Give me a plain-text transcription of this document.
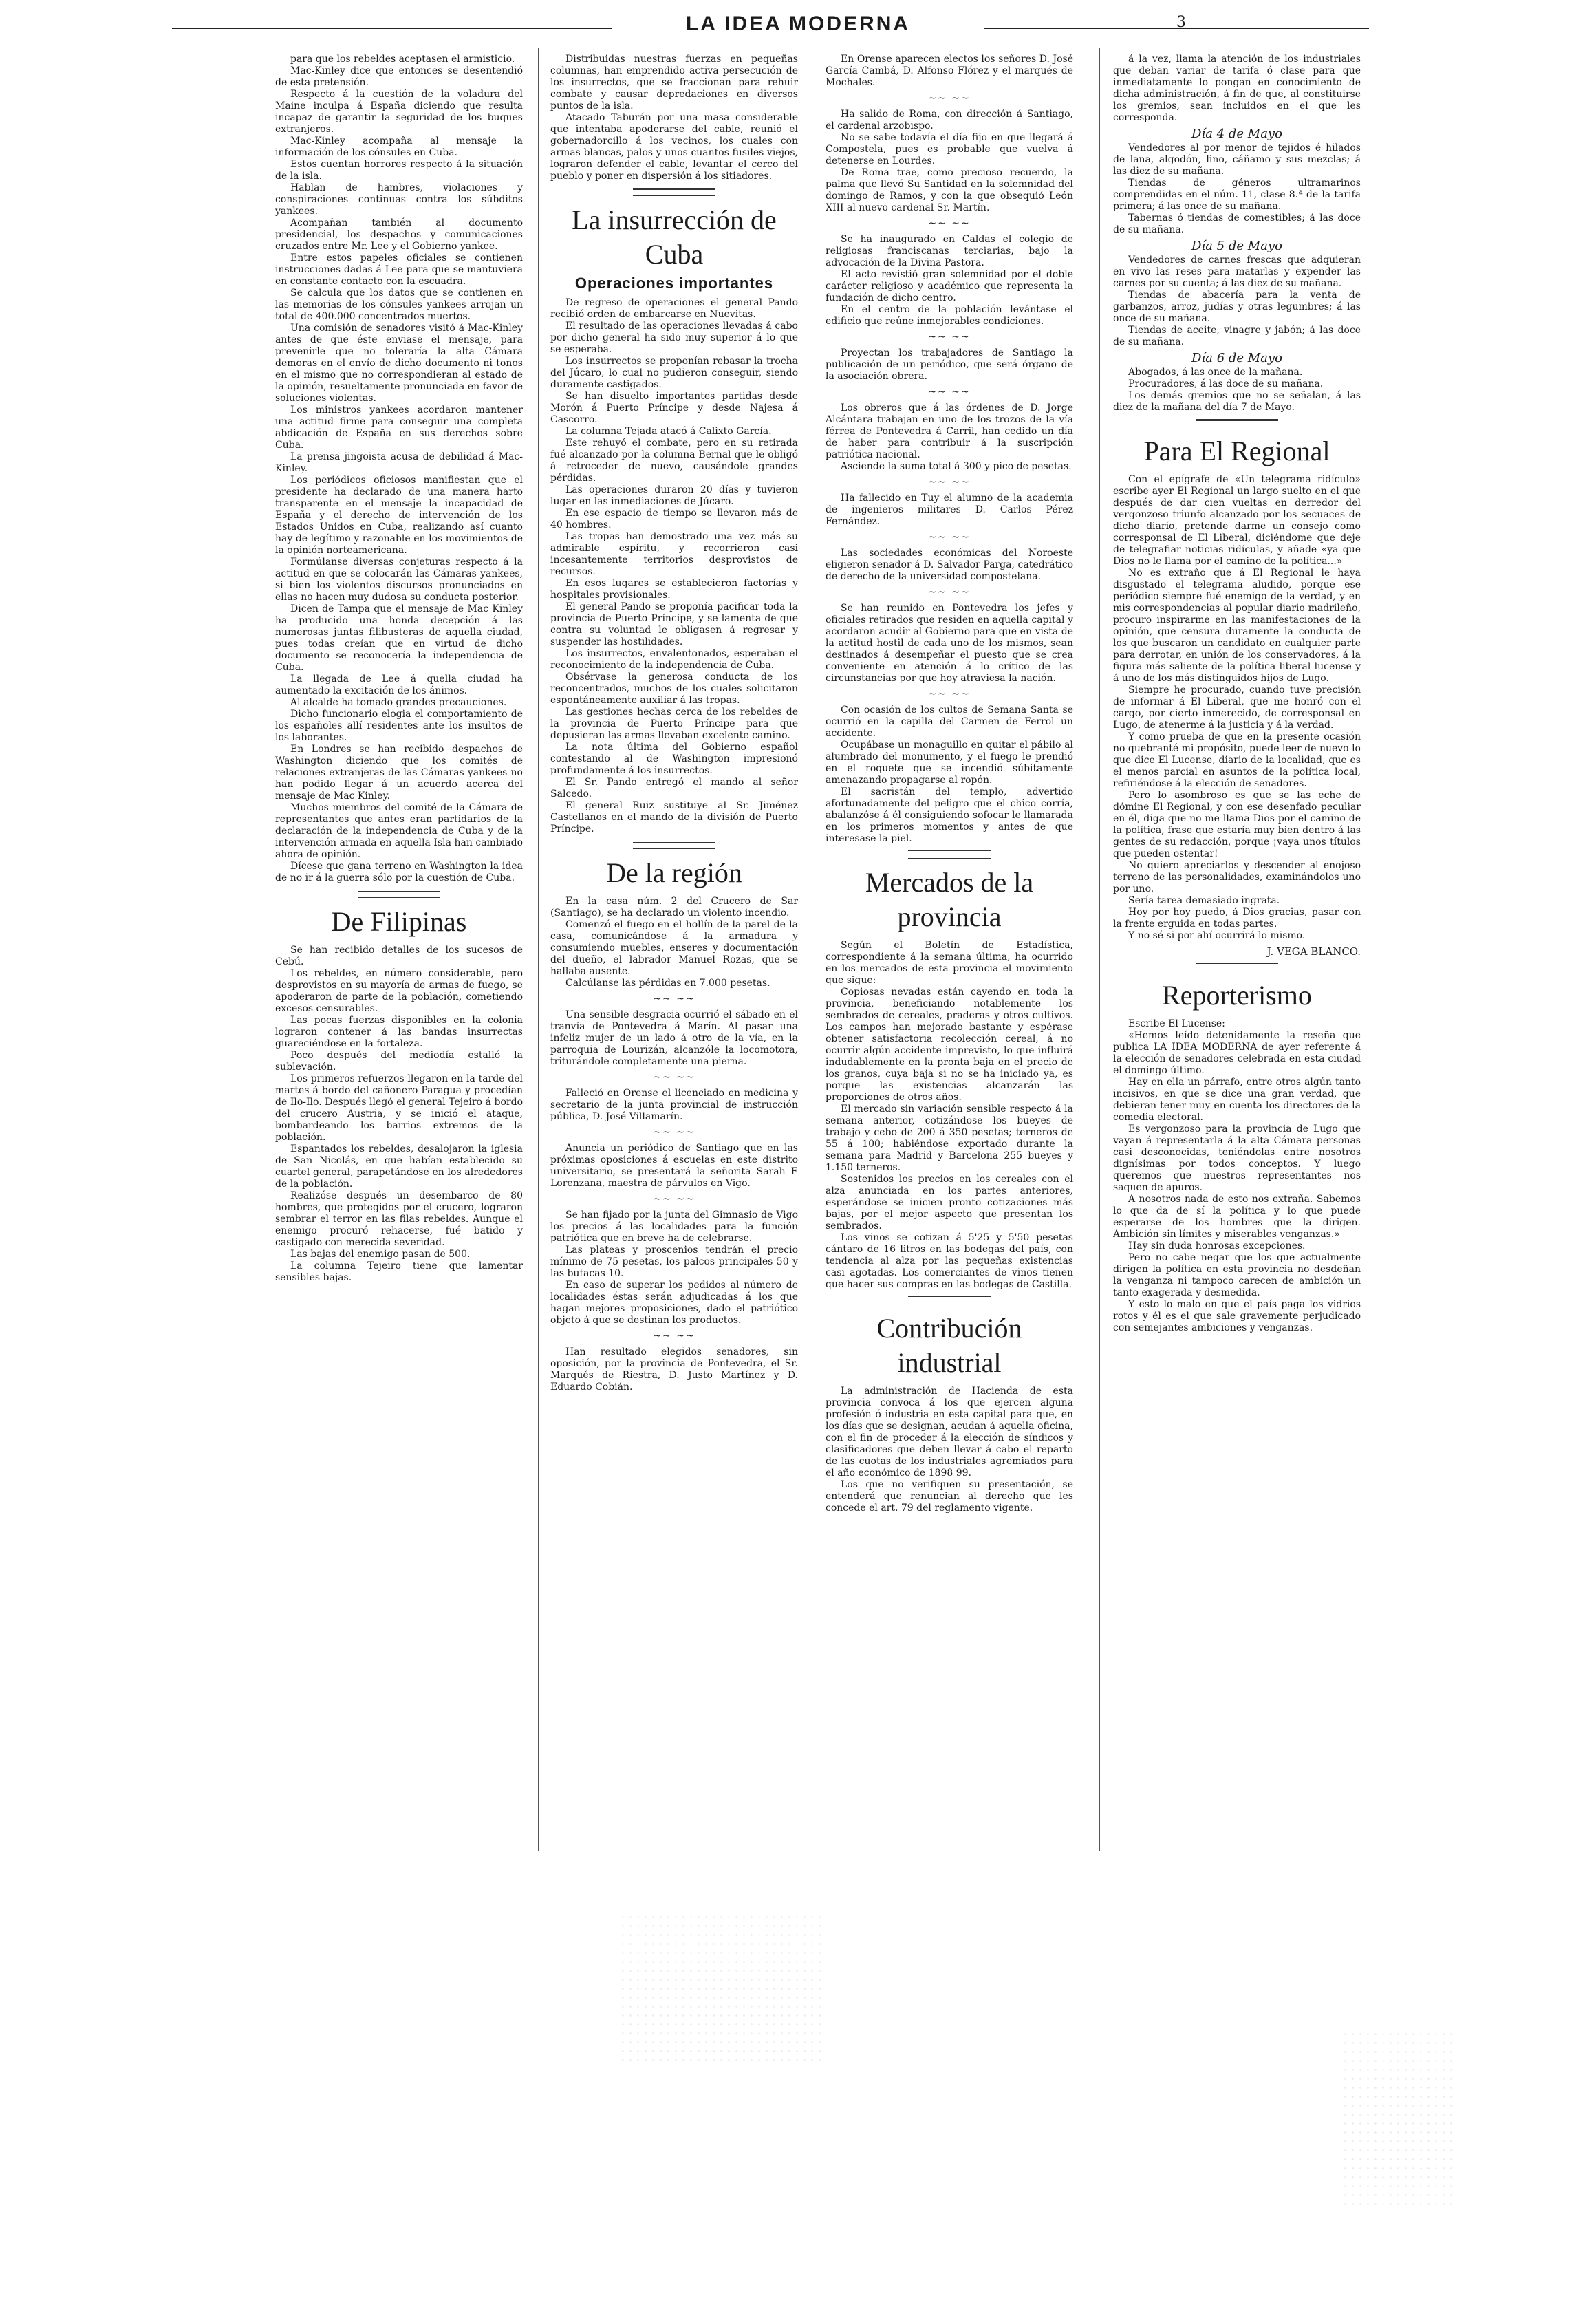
LA IDEA MODERNA	3

para que los rebeldes aceptasen el armisticio.

Mac-Kinley dice que entonces se desentendió de esta pretensión.

Respecto á la cuestión de la voladura del Maine inculpa á España diciendo que resulta incapaz de garantir la seguridad de los buques extranjeros.

Mac-Kinley acompaña al mensaje la información de los cónsules en Cuba.

Estos cuentan horrores respecto á la situación de la isla.

Hablan de hambres, violaciones y conspiraciones continuas contra los súbditos yankees.

Acompañan también al documento presidencial, los despachos y comunicaciones cruzados entre Mr. Lee y el Gobierno yankee.

Entre estos papeles oficiales se contienen instrucciones dadas á Lee para que se mantuviera en constante contacto con la escuadra.

Se calcula que los datos que se contienen en las memorias de los cónsules yankees arrojan un total de 400.000 concentrados muertos.

Una comisión de senadores visitó á Mac-Kinley antes de que éste enviase el mensaje, para prevenirle que no toleraría la alta Cámara demoras en el envío de dicho documento ni tonos en el mismo que no correspondieran al estado de la opinión, resueltamente pronunciada en favor de soluciones violentas.

Los ministros yankees acordaron mantener una actitud firme para conseguir una completa abdicación de España en sus derechos sobre Cuba.

La prensa jingoista acusa de debilidad á Mac-Kinley.

Los periódicos oficiosos manifiestan que el presidente ha declarado de una manera harto transparente en el mensaje la incapacidad de España y el derecho de intervención de los Estados Unidos en Cuba, realizando así cuanto hay de legítimo y razonable en los movimientos de la opinión norteamericana.

Formúlanse diversas conjeturas respecto á la actitud en que se colocarán las Cámaras yankees, si bien los violentos discursos pronunciados en ellas no hacen muy dudosa su conducta posterior.

Dicen de Tampa que el mensaje de Mac Kinley ha producido una honda decepción á las numerosas juntas filibusteras de aquella ciudad, pues todas creían que en virtud de dicho documento se reconocería la independencia de Cuba.

La llegada de Lee á quella ciudad ha aumentado la excitación de los ánimos.

Al alcalde ha tomado grandes precauciones.

Dicho funcionario elogia el comportamiento de los españoles allí residentes ante los insultos de los laborantes.

En Londres se han recibido despachos de Washington diciendo que los comités de relaciones extranjeras de las Cámaras yankees no han podido llegar á un acuerdo acerca del mensaje de Mac Kinley.

Muchos miembros del comité de la Cámara de representantes que antes eran partidarios de la declaración de la independencia de Cuba y de la intervención armada en aquella Isla han cambiado ahora de opinión.

Dícese que gana terreno en Washington la idea de no ir á la guerra sólo por la cuestión de Cuba.

De Filipinas

Se han recibido detalles de los sucesos de Cebú.

Los rebeldes, en número considerable, pero desprovistos en su mayoría de armas de fuego, se apoderaron de parte de la población, cometiendo excesos censurables.

Las pocas fuerzas disponibles en la colonia lograron contener á las bandas insurrectas guareciéndose en la fortaleza.

Poco después del mediodía estalló la sublevación.

Los primeros refuerzos llegaron en la tarde del martes á bordo del cañonero Paragua y procedían de Ilo-Ilo. Después llegó el general Tejeiro á bordo del crucero Austria, y se inició el ataque, bombardeando los barrios extremos de la población.

Espantados los rebeldes, desalojaron la iglesia de San Nicolás, en que habían establecido su cuartel general, parapetándose en los alrededores de la población.

Realizóse después un desembarco de 80 hombres, que protegidos por el crucero, lograron sembrar el terror en las filas rebeldes. Aunque el enemigo procuró rehacerse, fué batido y castigado con merecida severidad.

Las bajas del enemigo pasan de 500.

La columna Tejeiro tiene que lamentar sensibles bajas.

Distribuidas nuestras fuerzas en pequeñas columnas, han emprendido activa persecución de los insurrectos, que se fraccionan para rehuir combate y causar depredaciones en diversos puntos de la isla.

Atacado Taburán por una masa considerable que intentaba apoderarse del cable, reunió el gobernadorcillo á los vecinos, los cuales con armas blancas, palos y unos cuantos fusiles viejos, lograron defender el cable, levantar el cerco del pueblo y poner en dispersión á los sitiadores.

La insurrección de Cuba
Operaciones importantes

De regreso de operaciones el general Pando recibió orden de embarcarse en Nuevitas.

El resultado de las operaciones llevadas á cabo por dicho general ha sido muy superior á lo que se esperaba.

Los insurrectos se proponían rebasar la trocha del Júcaro, lo cual no pudieron conseguir, siendo duramente castigados.

Se han disuelto importantes partidas desde Morón á Puerto Príncipe y desde Najesa á Cascorro.

La columna Tejada atacó á Calixto García.

Este rehuyó el combate, pero en su retirada fué alcanzado por la columna Bernal que le obligó á retroceder de nuevo, causándole grandes pérdidas.

Las operaciones duraron 20 días y tuvieron lugar en las inmediaciones de Júcaro.

En ese espacio de tiempo se llevaron más de 40 hombres.

Las tropas han demostrado una vez más su admirable espíritu, y recorrieron casi incesantemente territorios desprovistos de recursos.

En esos lugares se establecieron factorías y hospitales provisionales.

El general Pando se proponía pacificar toda la provincia de Puerto Príncipe, y se lamenta de que contra su voluntad le obligasen á regresar y suspender las hostilidades.

Los insurrectos, envalentonados, esperaban el reconocimiento de la independencia de Cuba.

Obsérvase la generosa conducta de los reconcentrados, muchos de los cuales solicitaron espontáneamente auxiliar á las tropas.

Las gestiones hechas cerca de los rebeldes de la provincia de Puerto Príncipe para que depusieran las armas llevaban excelente camino.

La nota última del Gobierno español contestando al de Washington impresionó profundamente á los insurrectos.

El Sr. Pando entregó el mando al señor Salcedo.

El general Ruiz sustituye al Sr. Jiménez Castellanos en el mando de la división de Puerto Príncipe.

De la región

En la casa núm. 2 del Crucero de Sar (Santiago), se ha declarado un violento incendio.

Comenzó el fuego en el hollín de la parel de la casa, comunicándose á la armadura y consumiendo muebles, enseres y documentación del dueño, el labrador Manuel Rozas, que se hallaba ausente.

Calcúlanse las pérdidas en 7.000 pesetas.

~~ ~~

Una sensible desgracia ocurrió el sábado en el tranvía de Pontevedra á Marín. Al pasar una infeliz mujer de un lado á otro de la vía, en la parroquia de Lourizán, alcanzóle la locomotora, triturándole completamente una pierna.

~~ ~~

Falleció en Orense el licenciado en medicina y secretario de la junta provincial de instrucción pública, D. José Villamarín.

~~ ~~

Anuncia un periódico de Santiago que en las próximas oposiciones á escuelas en este distrito universitario, se presentará la señorita Sarah E Lorenzana, maestra de párvulos en Vigo.

~~ ~~

Se han fijado por la junta del Gimnasio de Vigo los precios á las localidades para la función patriótica que en breve ha de celebrarse.

Las plateas y proscenios tendrán el precio mínimo de 75 pesetas, los palcos principales 50 y las butacas 10.

En caso de superar los pedidos al número de localidades éstas serán adjudicadas á los que hagan mejores proposiciones, dado el patriótico objeto á que se destinan los productos.

~~ ~~

Han resultado elegidos senadores, sin oposición, por la provincia de Pontevedra, el Sr. Marqués de Riestra, D. Justo Martínez y D. Eduardo Cobián.

En Orense aparecen electos los señores D. José García Cambá, D. Alfonso Flórez y el marqués de Mochales.

~~ ~~

Ha salido de Roma, con dirección á Santiago, el cardenal arzobispo.

No se sabe todavía el día fijo en que llegará á Compostela, pues es probable que vuelva á detenerse en Lourdes.

De Roma trae, como precioso recuerdo, la palma que llevó Su Santidad en la solemnidad del domingo de Ramos, y con la que obsequió León XIII al nuevo cardenal Sr. Martín.

~~ ~~

Se ha inaugurado en Caldas el colegio de religiosas franciscanas terciarias, bajo la advocación de la Divina Pastora.

El acto revistió gran solemnidad por el doble carácter religioso y académico que representa la fundación de dicho centro.

En el centro de la población levántase el edificio que reúne inmejorables condiciones.

~~ ~~

Proyectan los trabajadores de Santiago la publicación de un periódico, que será órgano de la asociación obrera.

~~ ~~

Los obreros que á las órdenes de D. Jorge Alcántara trabajan en uno de los trozos de la vía férrea de Pontevedra á Carril, han cedido un día de haber para contribuir á la suscripción patriótica nacional.

Asciende la suma total á 300 y pico de pesetas.

~~ ~~

Ha fallecido en Tuy el alumno de la academia de ingenieros militares D. Carlos Pérez Fernández.

~~ ~~

Las sociedades económicas del Noroeste eligieron senador á D. Salvador Parga, catedrático de derecho de la universidad compostelana.

~~ ~~

Se han reunido en Pontevedra los jefes y oficiales retirados que residen en aquella capital y acordaron acudir al Gobierno para que en vista de la actitud hostil de cada uno de los mismos, sean destinados á desempeñar el puesto que se crea conveniente en atención á lo crítico de las circunstancias por que hoy atraviesa la nación.

~~ ~~

Con ocasión de los cultos de Semana Santa se ocurrió en la capilla del Carmen de Ferrol un accidente.

Ocupábase un monaguillo en quitar el pábilo al alumbrado del monumento, y el fuego le prendió en el roquete que se incendió súbitamente amenazando propagarse al ropón.

El sacristán del templo, advertido afortunadamente del peligro que el chico corría, abalanzóse á él consiguiendo sofocar le llamarada en los primeros momentos y antes de que interesase la piel.

Mercados de la provincia

Según el Boletín de Estadística, correspondiente á la semana última, ha ocurrido en los mercados de esta provincia el movimiento que sigue:

Copiosas nevadas están cayendo en toda la provincia, beneficiando notablemente los sembrados de cereales, praderas y otros cultivos. Los campos han mejorado bastante y espérase obtener satisfactoria recolección cereal, á no ocurrir algún accidente imprevisto, lo que influirá indudablemente en la pronta baja en el precio de los granos, cuya baja si no se ha iniciado ya, es porque las existencias alcanzarán las proporciones de otros años.

El mercado sin variación sensible respecto á la semana anterior, cotizándose los bueyes de trabajo y cebo de 200 á 350 pesetas; terneros de 55 á 100; habiéndose exportado durante la semana para Madrid y Barcelona 255 bueyes y 1.150 terneros.

Sostenidos los precios en los cereales con el alza anunciada en los partes anteriores, esperándose se inicien pronto cotizaciones más bajas, por el mejor aspecto que presentan los sembrados.

Los vinos se cotizan á 5'25 y 5'50 pesetas cántaro de 16 litros en las bodegas del país, con tendencia al alza por las pequeñas existencias casi agotadas. Los comerciantes de vinos tienen que hacer sus compras en las bodegas de Castilla.

Contribución industrial

La administración de Hacienda de esta provincia convoca á los que ejercen alguna profesión ó industria en esta capital para que, en los días que se designan, acudan á aquella oficina, con el fin de proceder á la elección de síndicos y clasificadores que deben llevar á cabo el reparto de las cuotas de los industriales agremiados para el año económico de 1898 99.

Los que no verifiquen su presentación, se entenderá que renuncian al derecho que les concede el art. 79 del reglamento vigente.

á la vez, llama la atención de los industriales que deban variar de tarifa ó clase para que inmediatamente lo pongan en conocimiento de dicha administración, á fin de que, al constituirse los gremios, sean incluidos en el que les corresponda.

Día 4 de Mayo

Vendedores al por menor de tejidos é hilados de lana, algodón, lino, cáñamo y sus mezclas; á las diez de su mañana.

Tiendas de géneros ultramarinos comprendidas en el núm. 11, clase 8.ª de la tarifa primera; á las once de su mañana.

Tabernas ó tiendas de comestibles; á las doce de su mañana.

Día 5 de Mayo

Vendedores de carnes frescas que adquieran en vivo las reses para matarlas y expender las carnes por su cuenta; á las diez de su mañana.

Tiendas de abacería para la venta de garbanzos, arroz, judías y otras legumbres; á las once de su mañana.

Tiendas de aceite, vinagre y jabón; á las doce de su mañana.

Día 6 de Mayo

Abogados, á las once de la mañana.

Procuradores, á las doce de su mañana.

Los demás gremios que no se señalan, á las diez de la mañana del día 7 de Mayo.

Para El Regional

Con el epígrafe de «Un telegrama ridículo» escribe ayer El Regional un largo suelto en el que después de dar cien vueltas en derredor del vergonzoso triunfo alcanzado por los secuaces de dicho diario, pretende darme un consejo como corresponsal de El Liberal, diciéndome que deje de telegrafiar noticias ridículas, y añade «ya que Dios no le llama por el camino de la política...»

No es extraño que á El Regional le haya disgustado el telegrama aludido, porque ese periódico siempre fué enemigo de la verdad, y en mis correspondencias al popular diario madrileño, procuro inspirarme en las manifestaciones de la opinión, que censura duramente la conducta de los que buscaron un candidato en cualquier parte para derrotar, en unión de los conservadores, á la figura más saliente de la política liberal lucense y á uno de los más distinguidos hijos de Lugo.

Siempre he procurado, cuando tuve precisión de informar á El Liberal, que me honró con el cargo, por cierto inmerecido, de corresponsal en Lugo, de atenerme á la justicia y á la verdad.

Y como prueba de que en la presente ocasión no quebranté mi propósito, puede leer de nuevo lo que dice El Lucense, diario de la localidad, que es el menos parcial en asuntos de la política local, refiriéndose á la elección de senadores.

Pero lo asombroso es que se las eche de dómine El Regional, y con ese desenfado peculiar en él, diga que no me llama Dios por el camino de la política, frase que estaría muy bien dentro á las gentes de su redacción, porque ¡vaya unos títulos que pueden ostentar!

No quiero apreciarlos y descender al enojoso terreno de las personalidades, examinándolos uno por uno.

Sería tarea demasiado ingrata.

Hoy por hoy puedo, á Dios gracias, pasar con la frente erguida en todas partes.

Y no sé si por ahí ocurrirá lo mismo.

J. VEGA BLANCO.
Reporterismo

Escribe El Lucense:

«Hemos leído detenidamente la reseña que publica LA IDEA MODERNA de ayer referente á la elección de senadores celebrada en esta ciudad el domingo último.

Hay en ella un párrafo, entre otros algún tanto incisivos, en que se dice una gran verdad, que debieran tener muy en cuenta los directores de la comedia electoral.

Es vergonzoso para la provincia de Lugo que vayan á representarla á la alta Cámara personas casi desconocidas, teniéndolas entre nosotros dignísimas por todos conceptos. Y luego queremos que nuestros representantes nos saquen de apuros.

A nosotros nada de esto nos extraña. Sabemos lo que da de sí la política y lo que puede esperarse de los hombres que la dirigen. Ambición sin límites y miserables venganzas.»

Hay sin duda honrosas excepciones.

Pero no cabe negar que los que actualmente dirigen la política en esta provincia no desdeñan la venganza ni tampoco carecen de ambición un tanto exagerada y desmedida.

Y esto lo malo en que el país paga los vidrios rotos y él es el que sale gravemente perjudicado con semejantes ambiciones y venganzas.
